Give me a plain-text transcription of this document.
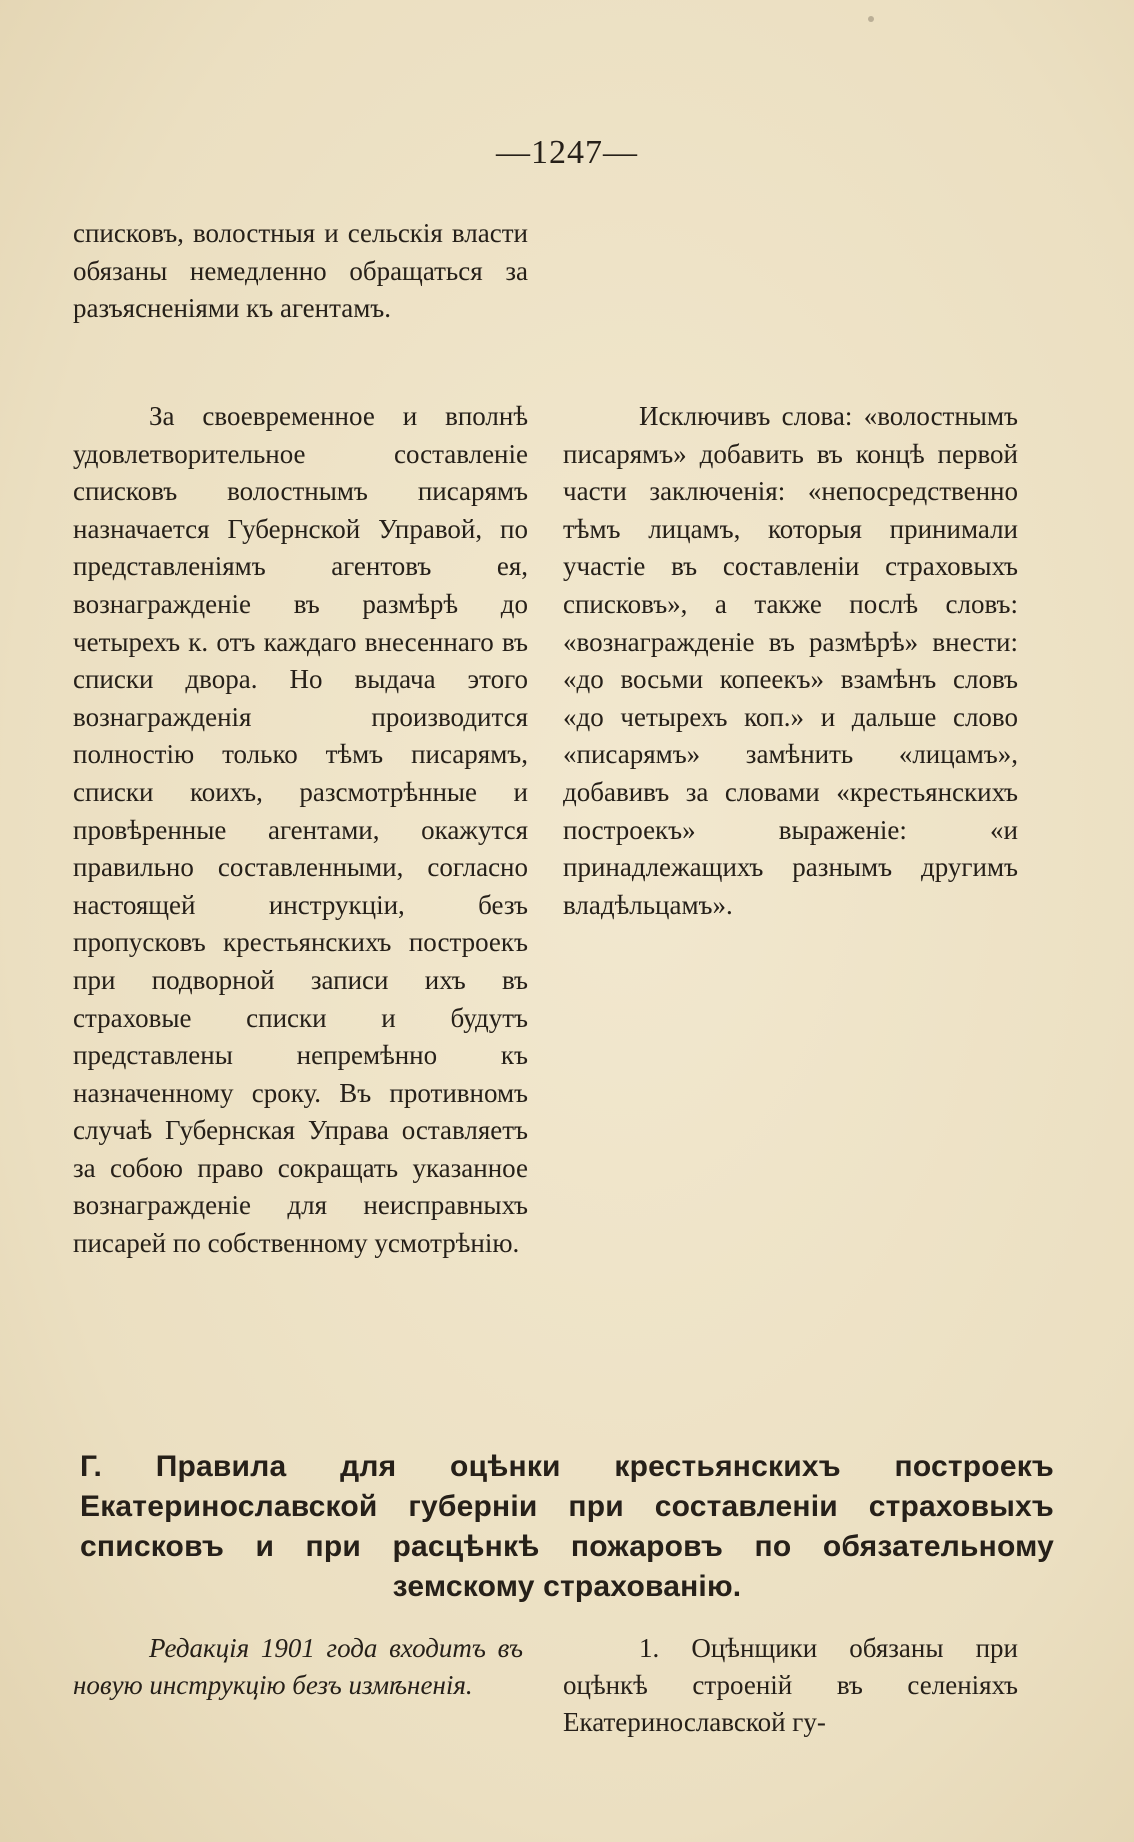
—1247—

списковъ, волостныя и сельскія власти обязаны немедленно обращаться за разъясненіями къ агентамъ.

За своевременное и вполнѣ удовлетворительное составленіе списковъ волостнымъ писарямъ назначается Губернской Управой, по представленіямъ агентовъ ея, вознагражденіе въ размѣрѣ до четырехъ к. отъ каждаго внесеннаго въ списки двора. Но выдача этого вознагражденія производится полностію только тѣмъ писарямъ, списки коихъ, разсмотрѣнные и провѣренные агентами, окажутся правильно составленными, согласно настоящей инструкціи, безъ пропусковъ крестьянскихъ построекъ при подворной записи ихъ въ страховые списки и будутъ представлены непремѣнно къ назначенному сроку. Въ противномъ случаѣ Губернская Управа оставляетъ за собою право сокращать указанное вознагражденіе для неисправныхъ писарей по собственному усмотрѣнію.

Исключивъ слова: «волостнымъ писарямъ» добавить въ концѣ первой части заключенія: «непосредственно тѣмъ лицамъ, которыя принимали участіе въ составленіи страховыхъ списковъ», а также послѣ словъ: «вознагражденіе въ размѣрѣ» внести: «до восьми копеекъ» взамѣнъ словъ «до четырехъ коп.» и дальше слово «писарямъ» замѣнить «лицамъ», добавивъ за словами «крестьянскихъ построекъ» выраженіе: «и принадлежащихъ разнымъ другимъ владѣльцамъ».

Г. Правила для оцѣнки крестьянскихъ построекъ Екатеринославской губерніи при составленіи страховыхъ списковъ и при расцѣнкѣ пожаровъ по обязательному земскому страхованію.
Редакція 1901 года входитъ въ новую инструкцію безъ измѣненія.
1. Оцѣнщики обязаны при оцѣнкѣ строеній въ селеніяхъ Екатеринославской гу-
